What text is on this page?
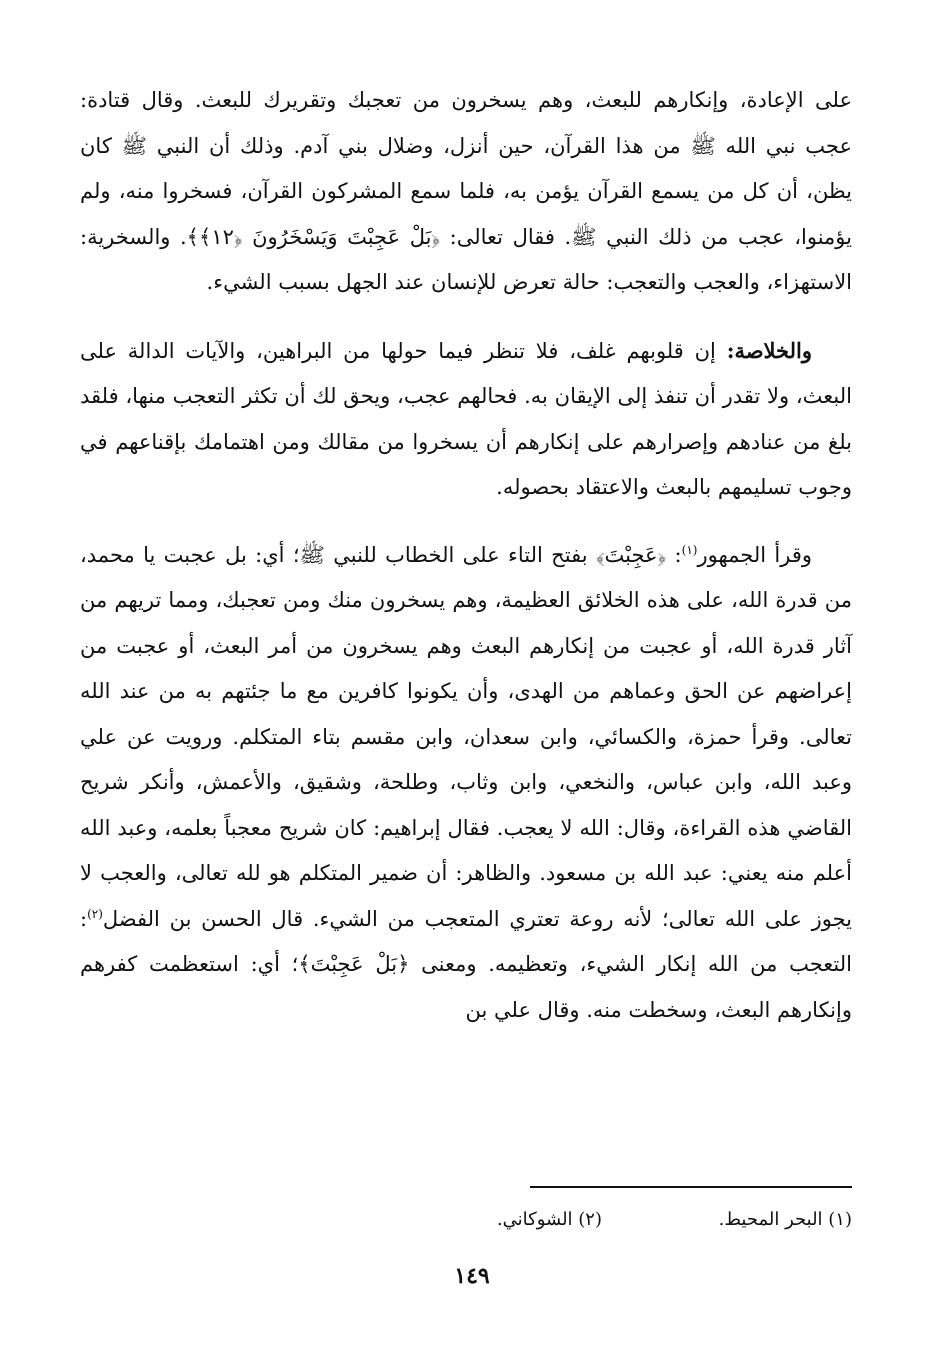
على الإعادة، وإنكارهم للبعث، وهم يسخرون من تعجبك وتقريرك للبعث. وقال قتادة: عجب نبي الله ﷺ من هذا القرآن، حين أنزل، وضلال بني آدم. وذلك أن النبي ﷺ كان يظن، أن كل من يسمع القرآن يؤمن به، فلما سمع المشركون القرآن، فسخروا منه، ولم يؤمنوا، عجب من ذلك النبي ﷺ. فقال تعالى: ﴿بَلْ عَجِبْتَ وَيَسْخَرُونَ ﴿١٢﴾﴾. والسخرية: الاستهزاء، والعجب والتعجب: حالة تعرض للإنسان عند الجهل بسبب الشيء.

والخلاصة: إن قلوبهم غلف، فلا تنظر فيما حولها من البراهين، والآيات الدالة على البعث، ولا تقدر أن تنفذ إلى الإيقان به. فحالهم عجب، ويحق لك أن تكثر التعجب منها، فلقد بلغ من عنادهم وإصرارهم على إنكارهم أن يسخروا من مقالك ومن اهتمامك بإقناعهم في وجوب تسليمهم بالبعث والاعتقاد بحصوله.

وقرأ الجمهور$^{(١)}$: ﴿عَجِبْتَ﴾ بفتح التاء على الخطاب للنبي ﷺ؛ أي: بل عجبت يا محمد، من قدرة الله، على هذه الخلائق العظيمة، وهم يسخرون منك ومن تعجبك، ومما تريهم من آثار قدرة الله، أو عجبت من إنكارهم البعث وهم يسخرون من أمر البعث، أو عجبت من إعراضهم عن الحق وعماهم من الهدى، وأن يكونوا كافرين مع ما جئتهم به من عند الله تعالى. وقرأ حمزة، والكسائي، وابن سعدان، وابن مقسم بتاء المتكلم. ورويت عن علي وعبد الله، وابن عباس، والنخعي، وابن وثاب، وطلحة، وشقيق، والأعمش، وأنكر شريح القاضي هذه القراءة، وقال: الله لا يعجب. فقال إبراهيم: كان شريح معجباً بعلمه، وعبد الله أعلم منه يعني: عبد الله بن مسعود. والظاهر: أن ضمير المتكلم هو لله تعالى، والعجب لا يجوز على الله تعالى؛ لأنه روعة تعتري المتعجب من الشيء. قال الحسن بن الفضل$^{(٢)}$: التعجب من الله إنكار الشيء، وتعظيمه. ومعنى ﴿بَلْ عَجِبْتَ﴾؛ أي: استعظمت كفرهم وإنكارهم البعث، وسخطت منه. وقال علي بن

(١) البحر المحيط.
(٢) الشوكاني.
١٤٩
